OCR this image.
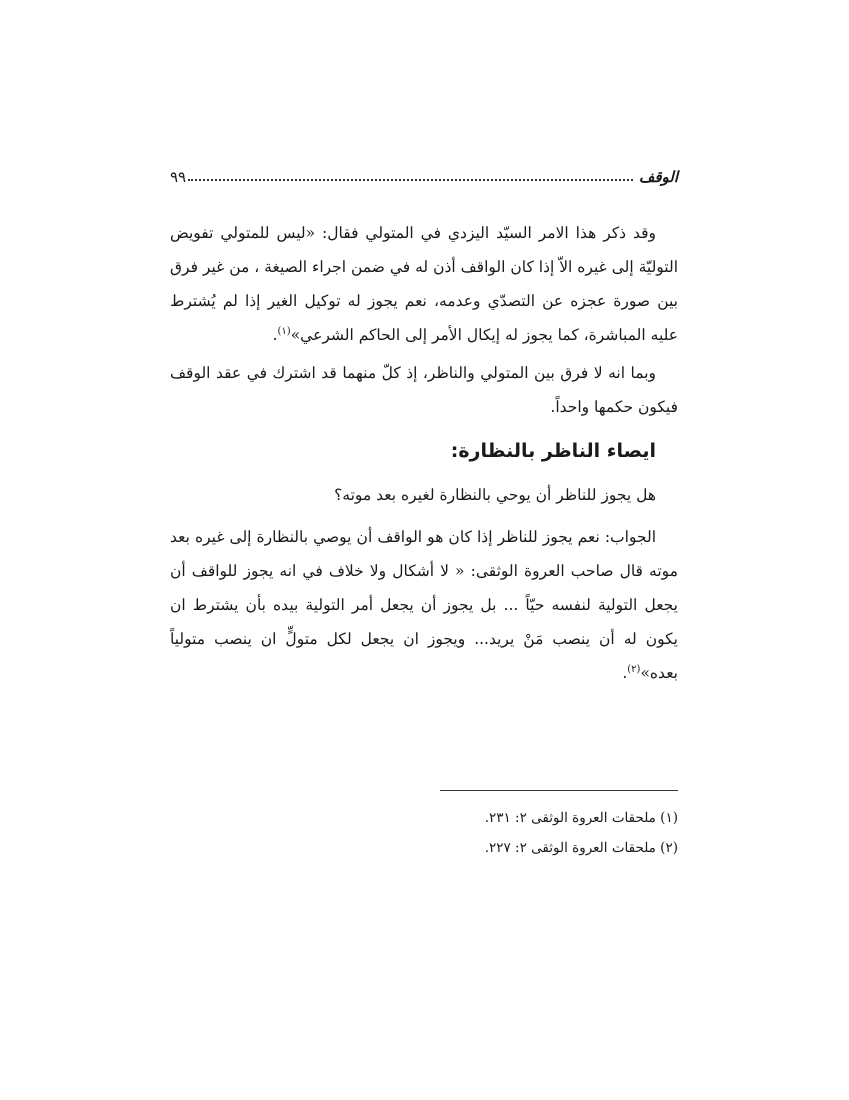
الوقف
٩٩

وقد ذكر هذا الامر السيّد اليزدي في المتولي فقال: «ليس للمتولي تفويض التوليّة إلى غيره الاّ إذا كان الواقف أذن له في ضمن اجراء الصيغة ، من غير فرق بين صورة عجزه عن التصدّي وعدمه، نعم يجوز له توكيل الغير إذا لم يُشترط عليه المباشرة، كما يجوز له إيكال الأمر إلى الحاكم الشرعي»$^{(١)}$.

وبما انه لا فرق بين المتولي والناظر، إذ كلّ منهما قد اشترك في عقد الوقف فيكون حكمها واحداً.

ايصاء الناظر بالنظارة:

هل يجوز للناظر أن يوحي بالنظارة لغيره بعد موته؟

الجواب: نعم يجوز للناظر إذا كان هو الواقف أن يوصي بالنظارة إلى غيره بعد موته قال صاحب العروة الوثقى: « لا أشكال ولا خلاف في انه يجوز للواقف أن يجعل التولية لنفسه حيّاً ... بل يجوز أن يجعل أمر التولية بيده بأن يشترط ان يكون له أن ينصب مَنْ يريد... ويجوز ان يجعل لكل متولٍّ ان ينصب متولياً بعده»$^{(٢)}$.

(١) ملحقات العروة الوثقى ٢: ٢٣١.

(٢) ملحقات العروة الوثقى ٢: ٢٢٧.
